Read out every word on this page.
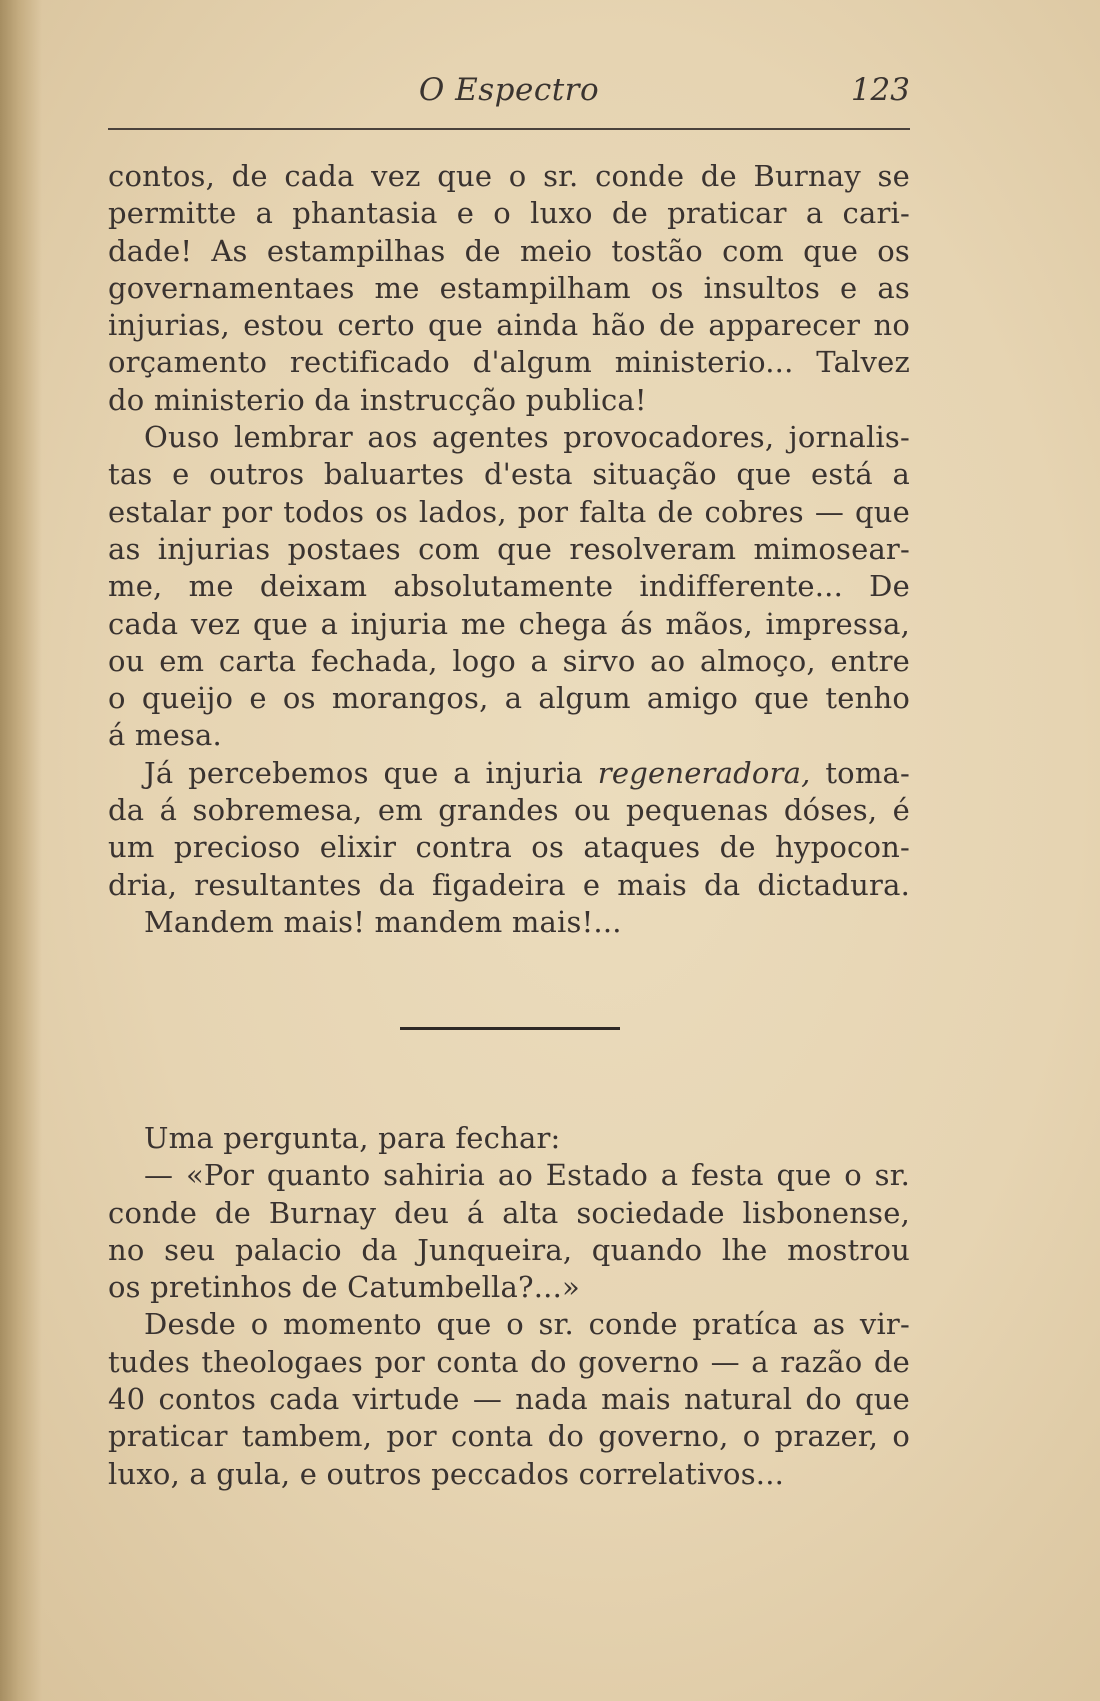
O Espectro	123
contos, de cada vez que o sr. conde de Burnay se
permitte a phantasia e o luxo de praticar a cari-
dade! As estampilhas de meio tostão com que os
governamentaes me estampilham os insultos e as
injurias, estou certo que ainda hão de apparecer no
orçamento rectificado d'algum ministerio... Talvez
do ministerio da instrucção publica!
Ouso lembrar aos agentes provocadores, jornalis-
tas e outros baluartes d'esta situação que está a
estalar por todos os lados, por falta de cobres — que
as injurias postaes com que resolveram mimosear-
me, me deixam absolutamente indifferente... De
cada vez que a injuria me chega ás mãos, impressa,
ou em carta fechada, logo a sirvo ao almoço, entre
o queijo e os morangos, a algum amigo que tenho
á mesa.
Já percebemos que a injuria regeneradora, toma-
da á sobremesa, em grandes ou pequenas dóses, é
um precioso elixir contra os ataques de hypocon-
dria, resultantes da figadeira e mais da dictadura.
Mandem mais! mandem mais!...
Uma pergunta, para fechar:
— «Por quanto sahiria ao Estado a festa que o sr.
conde de Burnay deu á alta sociedade lisbonense,
no seu palacio da Junqueira, quando lhe mostrou
os pretinhos de Catumbella?...»
Desde o momento que o sr. conde pratíca as vir-
tudes theologaes por conta do governo — a razão de
40 contos cada virtude — nada mais natural do que
praticar tambem, por conta do governo, o prazer, o
luxo, a gula, e outros peccados correlativos...
